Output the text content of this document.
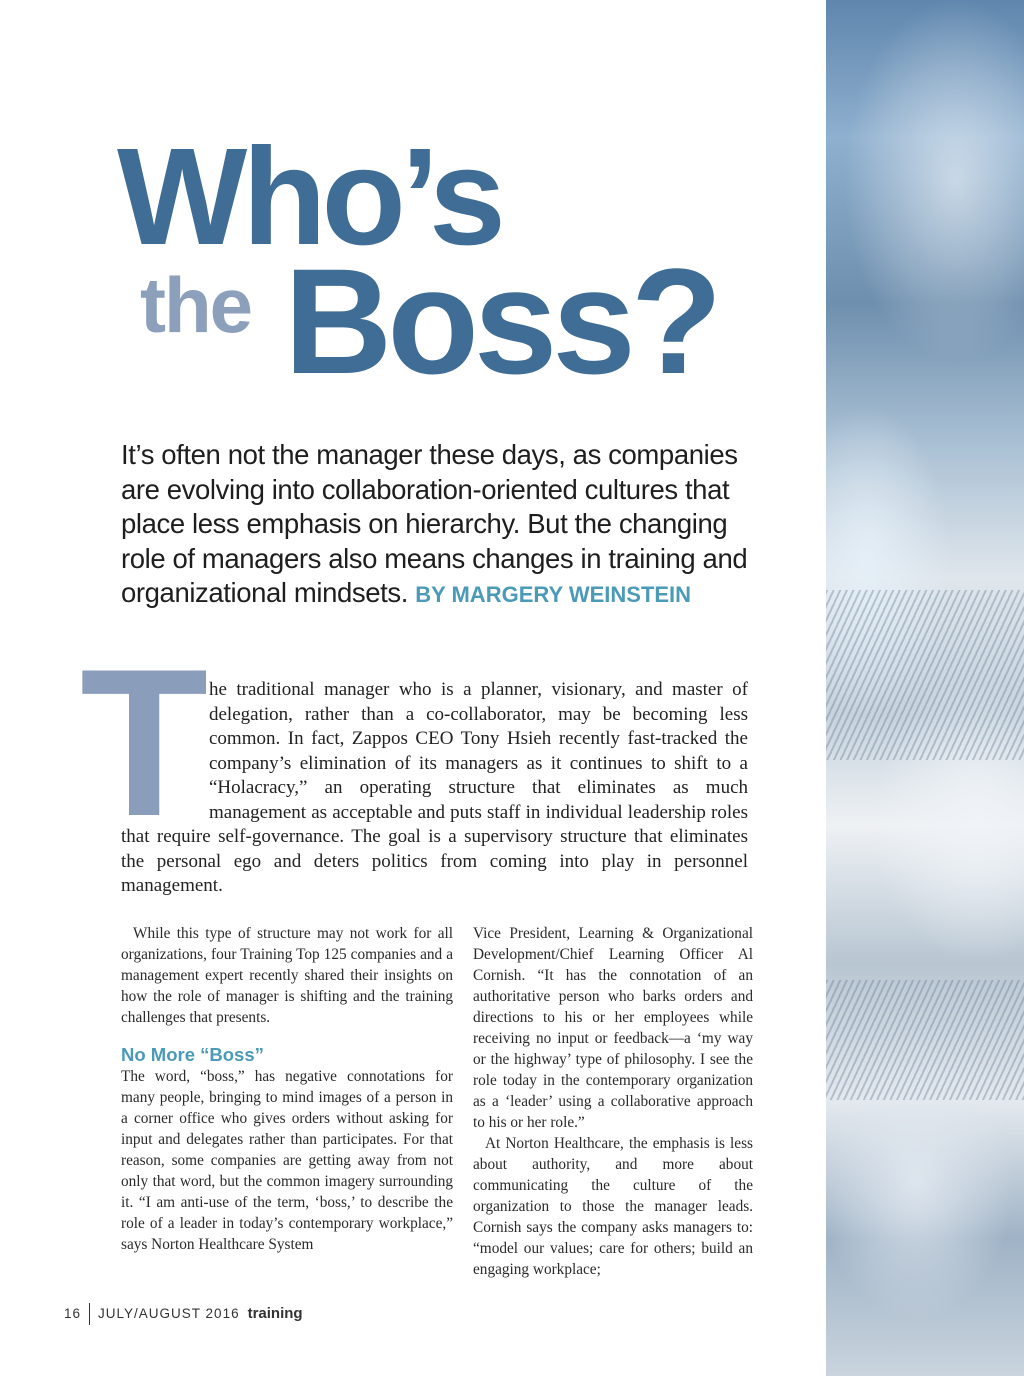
Who’s
the Boss?

It’s often not the manager these days, as companies are evolving into collaboration-oriented cultures that place less emphasis on hierarchy. But the changing role of managers also means changes in training and organizational mindsets. BY MARGERY WEINSTEIN

T he traditional manager who is a planner, visionary, and master of delegation, rather than a co-collaborator, may be becoming less common. In fact, Zappos CEO Tony Hsieh recently fast-tracked the company’s elimination of its managers as it continues to shift to a “Holacracy,” an operating structure that eliminates as much management as acceptable and puts staff in individual leadership roles that require self-governance. The goal is a supervisory structure that eliminates the personal ego and deters politics from coming into play in personnel management.

While this type of structure may not work for all organizations, four Training Top 125 companies and a management expert recently shared their insights on how the role of manager is shifting and the training challenges that presents.

No More “Boss”

The word, “boss,” has negative connotations for many people, bringing to mind images of a person in a corner office who gives orders without asking for input and delegates rather than participates. For that reason, some companies are getting away from not only that word, but the common imagery surrounding it. “I am anti-use of the term, ‘boss,’ to describe the role of a leader in today’s contemporary workplace,” says Norton Healthcare System

Vice President, Learning & Organizational Development/Chief Learning Officer Al Cornish. “It has the connotation of an authoritative person who barks orders and directions to his or her employees while receiving no input or feedback—a ‘my way or the highway’ type of philosophy. I see the role today in the contemporary organization as a ‘leader’ using a collaborative approach to his or her role.”

At Norton Healthcare, the emphasis is less about authority, and more about communicating the culture of the organization to those the manager leads. Cornish says the company asks managers to: “model our values; care for others; build an engaging workplace;

16 JULY/AUGUST 2016 training
